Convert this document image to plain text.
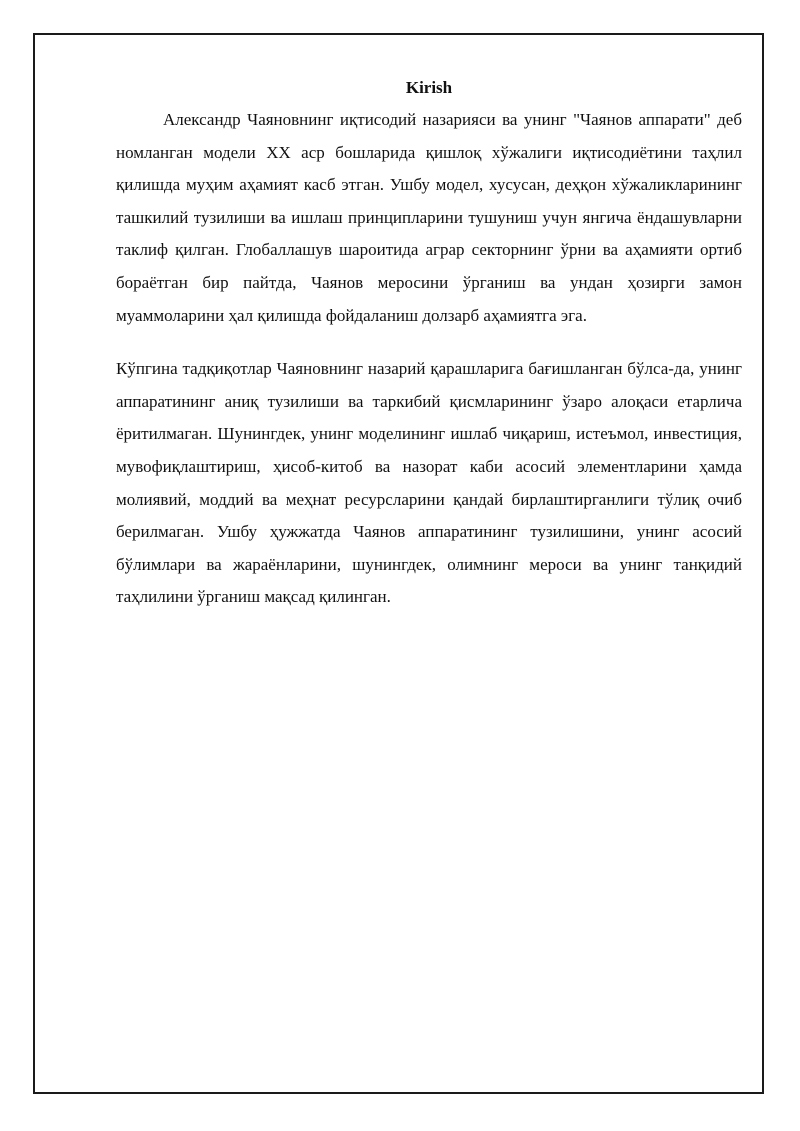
Kirish

Александр Чаяновнинг иқтисодий назарияси ва унинг "Чаянов аппарати" деб номланган модели XX аср бошларида қишлоқ хўжалиги иқтисодиётини таҳлил қилишда муҳим аҳамият касб этган. Ушбу модел, хусусан, деҳқон хўжаликларининг ташкилий тузилиши ва ишлаш принципларини тушуниш учун янгича ёндашувларни таклиф қилган. Глобаллашув шароитида аграр секторнинг ўрни ва аҳамияти ортиб бораётган бир пайтда, Чаянов меросини ўрганиш ва ундан ҳозирги замон муаммоларини ҳал қилишда фойдаланиш долзарб аҳамиятга эга.

Кўпгина тадқиқотлар Чаяновнинг назарий қарашларига бағишланган бўлса-да, унинг аппаратининг аниқ тузилиши ва таркибий қисмларининг ўзаро алоқаси етарлича ёритилмаган. Шунингдек, унинг моделининг ишлаб чиқариш, истеъмол, инвестиция, мувофиқлаштириш, ҳисоб-китоб ва назорат каби асосий элементларини ҳамда молиявий, моддий ва меҳнат ресурсларини қандай бирлаштирганлиги тўлиқ очиб берилмаган. Ушбу ҳужжатда Чаянов аппаратининг тузилишини, унинг асосий бўлимлари ва жараёнларини, шунингдек, олимнинг мероси ва унинг танқидий таҳлилини ўрганиш мақсад қилинган.
